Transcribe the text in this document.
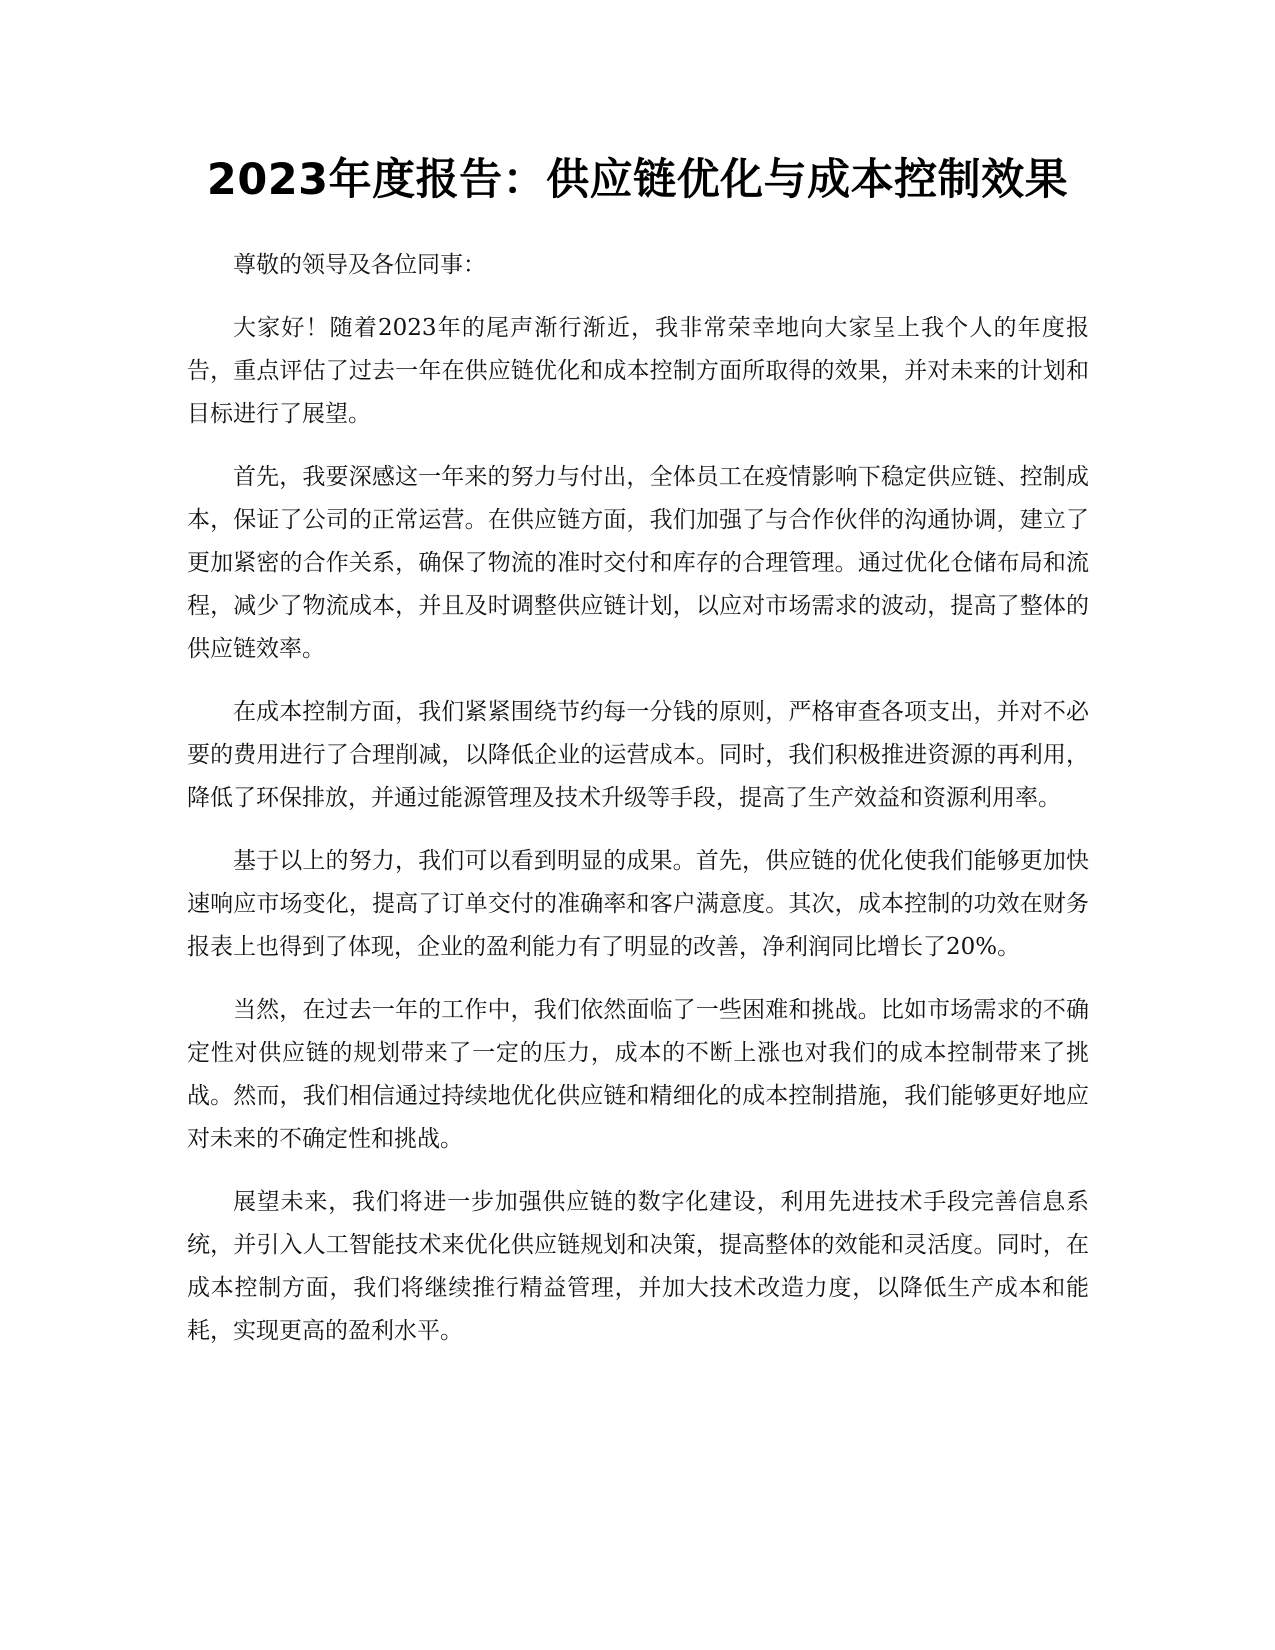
2023年度报告：供应链优化与成本控制效果

尊敬的领导及各位同事：

大家好！随着2023年的尾声渐行渐近，我非常荣幸地向大家呈上我个人的年度报告，重点评估了过去一年在供应链优化和成本控制方面所取得的效果，并对未来的计划和目标进行了展望。

首先，我要深感这一年来的努力与付出，全体员工在疫情影响下稳定供应链、控制成本，保证了公司的正常运营。在供应链方面，我们加强了与合作伙伴的沟通协调，建立了更加紧密的合作关系，确保了物流的准时交付和库存的合理管理。通过优化仓储布局和流程，减少了物流成本，并且及时调整供应链计划，以应对市场需求的波动，提高了整体的供应链效率。

在成本控制方面，我们紧紧围绕节约每一分钱的原则，严格审查各项支出，并对不必要的费用进行了合理削减，以降低企业的运营成本。同时，我们积极推进资源的再利用，降低了环保排放，并通过能源管理及技术升级等手段，提高了生产效益和资源利用率。

基于以上的努力，我们可以看到明显的成果。首先，供应链的优化使我们能够更加快速响应市场变化，提高了订单交付的准确率和客户满意度。其次，成本控制的功效在财务报表上也得到了体现，企业的盈利能力有了明显的改善，净利润同比增长了20%。

当然，在过去一年的工作中，我们依然面临了一些困难和挑战。比如市场需求的不确定性对供应链的规划带来了一定的压力，成本的不断上涨也对我们的成本控制带来了挑战。然而，我们相信通过持续地优化供应链和精细化的成本控制措施，我们能够更好地应对未来的不确定性和挑战。

展望未来，我们将进一步加强供应链的数字化建设，利用先进技术手段完善信息系统，并引入人工智能技术来优化供应链规划和决策，提高整体的效能和灵活度。同时，在成本控制方面，我们将继续推行精益管理，并加大技术改造力度，以降低生产成本和能耗，实现更高的盈利水平。
